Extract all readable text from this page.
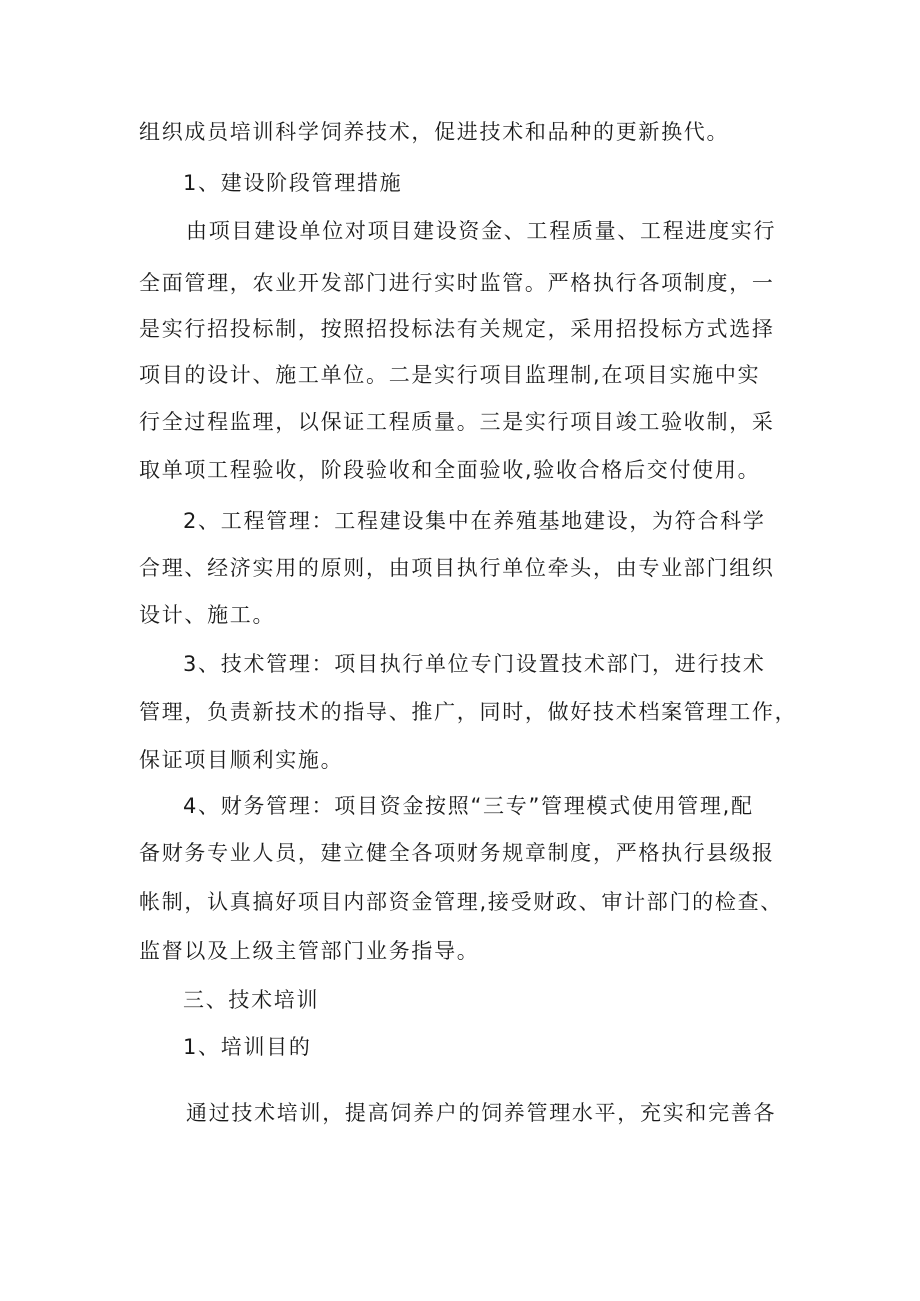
组织成员培训科学饲养技术，促进技术和品种的更新换代。
1、建设阶段管理措施
由项目建设单位对项目建设资金、工程质量、工程进度实行
全面管理，农业开发部门进行实时监管。严格执行各项制度，一
是实行招投标制，按照招投标法有关规定，采用招投标方式选择
项目的设计、施工单位。二是实行项目监理制,在项目实施中实
行全过程监理，以保证工程质量。三是实行项目竣工验收制，采
取单项工程验收，阶段验收和全面验收,验收合格后交付使用。
2、工程管理：工程建设集中在养殖基地建设，为符合科学
合理、经济实用的原则，由项目执行单位牵头，由专业部门组织
设计、施工。
3、技术管理：项目执行单位专门设置技术部门，进行技术
管理，负责新技术的指导、推广，同时，做好技术档案管理工作，
保证项目顺利实施。
4、财务管理：项目资金按照“三专”管理模式使用管理,配
备财务专业人员，建立健全各项财务规章制度，严格执行县级报
帐制，认真搞好项目内部资金管理,接受财政、审计部门的检查、
监督以及上级主管部门业务指导。
三、技术培训
1、培训目的
通过技术培训，提高饲养户的饲养管理水平，充实和完善各
